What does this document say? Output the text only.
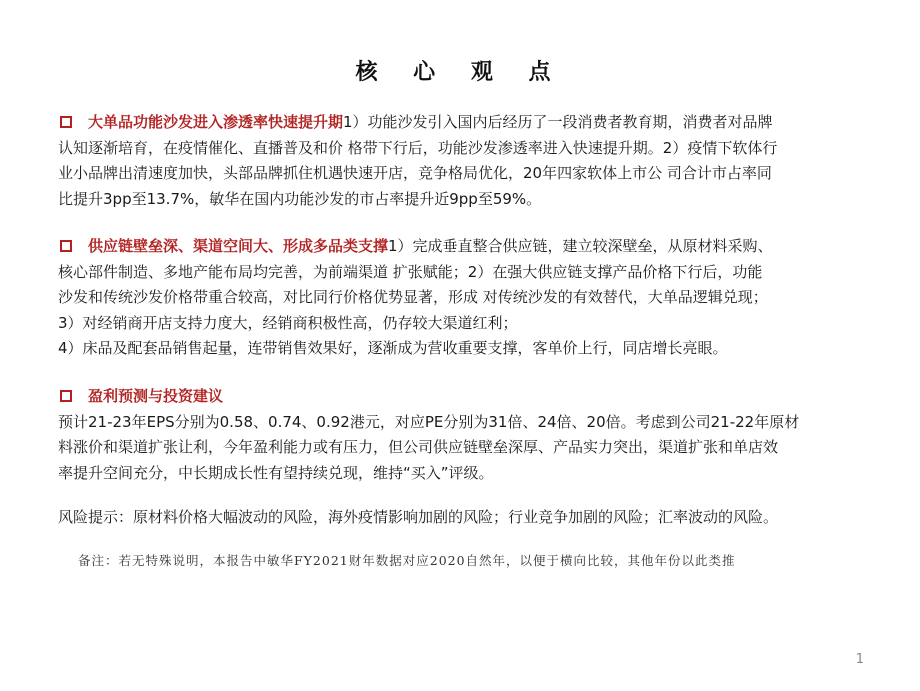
核 心 观 点
大单品功能沙发进入渗透率快速提升期1）功能沙发引入国内后经历了一段消费者教育期，消费者对品牌
认知逐渐培育，在疫情催化、直播普及和价 格带下行后，功能沙发渗透率进入快速提升期。2）疫情下软体行
业小品牌出清速度加快，头部品牌抓住机遇快速开店，竞争格局优化，20年四家软体上市公 司合计市占率同
比提升3pp至13.7%，敏华在国内功能沙发的市占率提升近9pp至59%。
供应链壁垒深、渠道空间大、形成多品类支撑1）完成垂直整合供应链，建立较深壁垒，从原材料采购、
核心部件制造、多地产能布局均完善，为前端渠道 扩张赋能；2）在强大供应链支撑产品价格下行后，功能
沙发和传统沙发价格带重合较高，对比同行价格优势显著，形成 对传统沙发的有效替代，大单品逻辑兑现；
3）对经销商开店支持力度大，经销商积极性高，仍存较大渠道红利；
4）床品及配套品销售起量，连带销售效果好，逐渐成为营收重要支撑，客单价上行，同店增长亮眼。
盈利预测与投资建议
预计21-23年EPS分别为0.58、0.74、0.92港元，对应PE分别为31倍、24倍、20倍。考虑到公司21-22年原材
料涨价和渠道扩张让利，今年盈利能力或有压力，但公司供应链壁垒深厚、产品实力突出，渠道扩张和单店效
率提升空间充分，中长期成长性有望持续兑现，维持“买入”评级。
风险提示：原材料价格大幅波动的风险，海外疫情影响加剧的风险；行业竞争加剧的风险；汇率波动的风险。
备注：若无特殊说明，本报告中敏华FY2021财年数据对应2020自然年，以便于横向比较，其他年份以此类推
1
